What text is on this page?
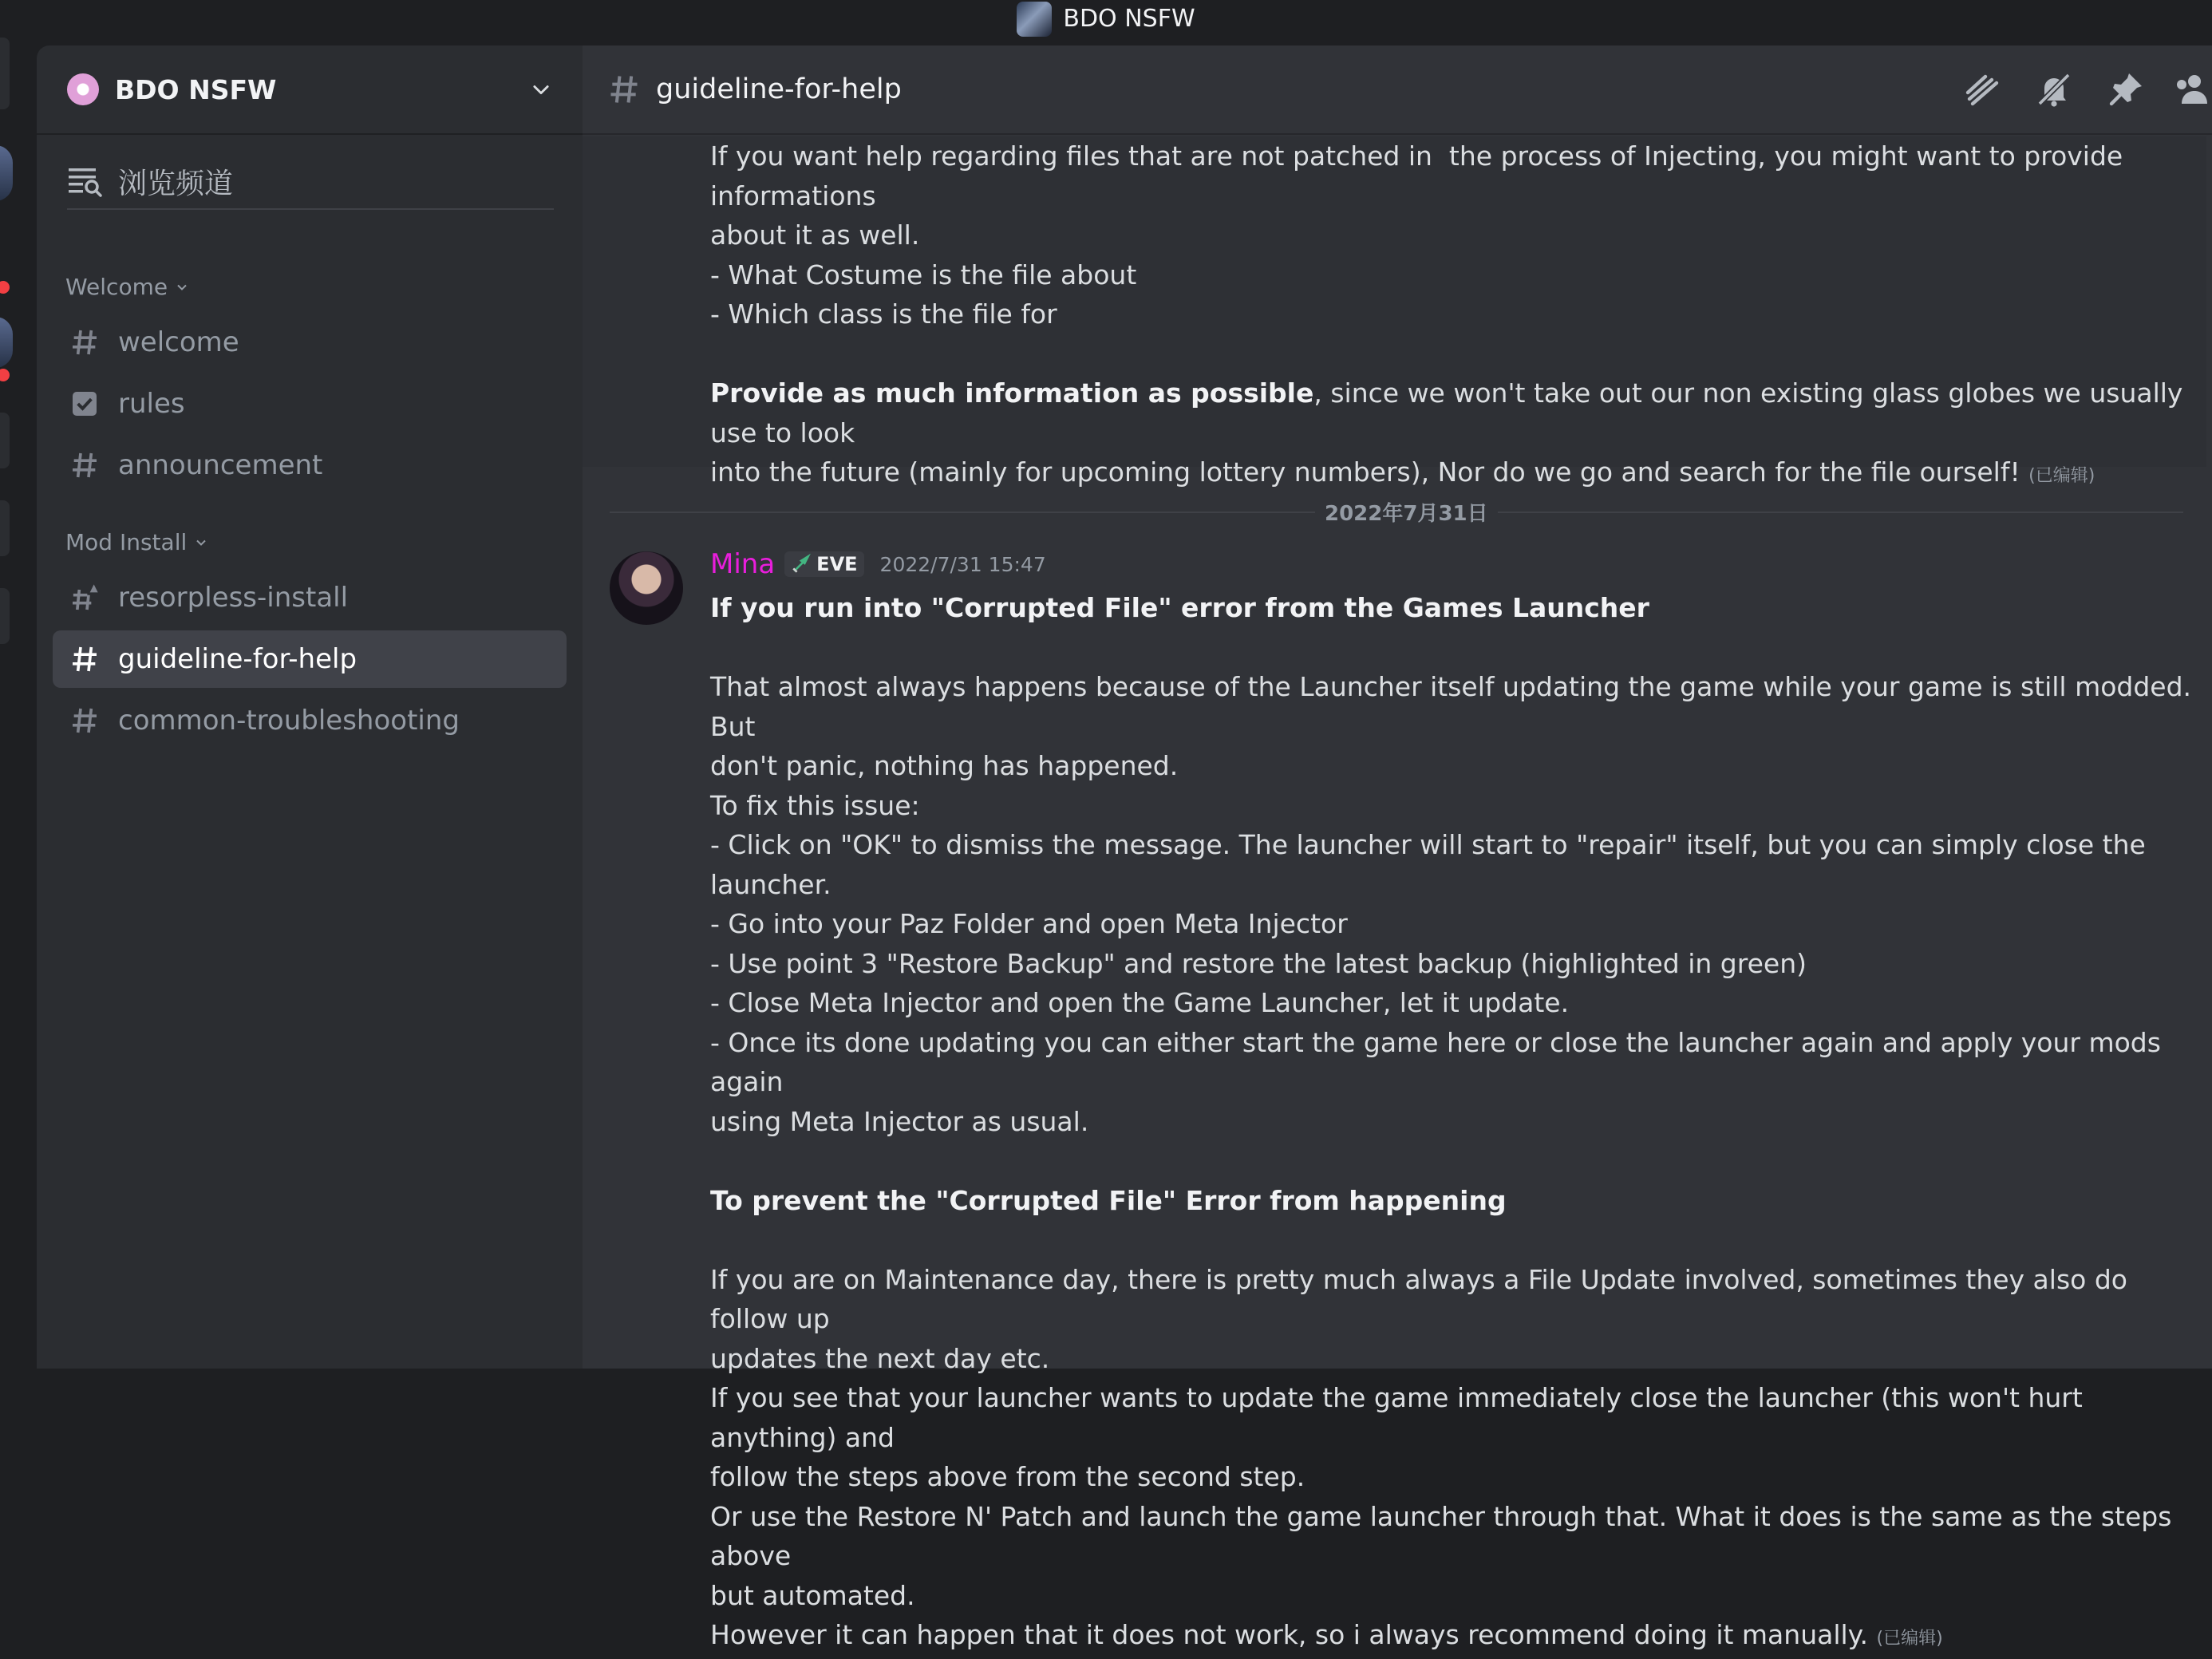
BDO NSFW
BDO NSFW
浏览频道
Welcome
welcome
rules
announcement
Mod Install
resorpless-install
guideline-for-help
common-troubleshooting
guideline-for-help
If you want help regarding files that are not patched in  the process of Injecting, you might want to provide informations
about it as well.
- What Costume is the file about
- Which class is the file for

Provide as much information as possible, since we won't take out our non existing glass globes we usually use to look
into the future (mainly for upcoming lottery numbers), Nor do we go and search for the file ourself! (已编辑)
2022年7月31日
Mina EVE 2022/7/31 15:47
If you run into "Corrupted File" error from the Games Launcher

That almost always happens because of the Launcher itself updating the game while your game is still modded. But
don't panic, nothing has happened.
To fix this issue:
- Click on "OK" to dismiss the message. The launcher will start to "repair" itself, but you can simply close the launcher.
- Go into your Paz Folder and open Meta Injector
- Use point 3 "Restore Backup" and restore the latest backup (highlighted in green)
- Close Meta Injector and open the Game Launcher, let it update.
- Once its done updating you can either start the game here or close the launcher again and apply your mods again
using Meta Injector as usual.

To prevent the "Corrupted File" Error from happening

If you are on Maintenance day, there is pretty much always a File Update involved, sometimes they also do follow up
updates the next day etc.
If you see that your launcher wants to update the game immediately close the launcher (this won't hurt anything) and
follow the steps above from the second step.
Or use the Restore N' Patch and launch the game launcher through that. What it does is the same as the steps above
but automated.
However it can happen that it does not work, so i always recommend doing it manually. (已编辑)
